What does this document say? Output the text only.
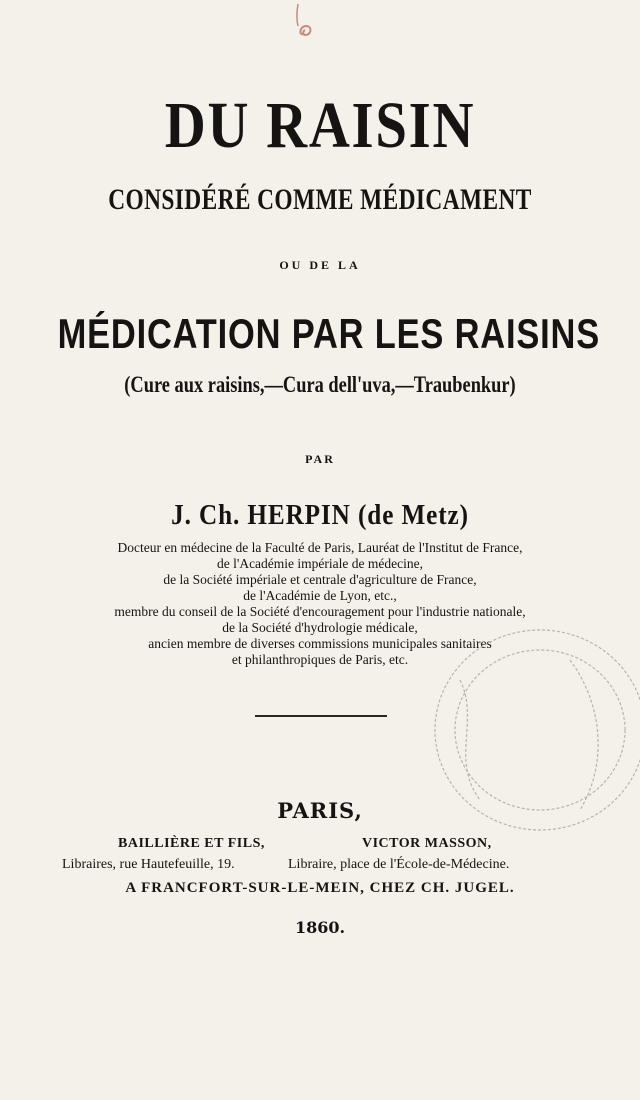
DU RAISIN
CONSIDÉRÉ COMME MÉDICAMENT
OU DE LA
MÉDICATION PAR LES RAISINS
(Cure aux raisins,—Cura dell'uva,—Traubenkur)
PAR
J. Ch. HERPIN (de Metz)
Docteur en médecine de la Faculté de Paris, Lauréat de l'Institut de France,
de l'Académie impériale de médecine,
de la Société impériale et centrale d'agriculture de France,
de l'Académie de Lyon, etc.,
membre du conseil de la Société d'encouragement pour l'industrie nationale,
de la Société d'hydrologie médicale,
ancien membre de diverses commissions municipales sanitaires
et philanthropiques de Paris, etc.
PARIS,
BAILLIÈRE ET FILS,
Libraires, rue Hautefeuille, 19.
VICTOR MASSON,
Libraire, place de l'École-de-Médecine.
A FRANCFORT-SUR-LE-MEIN, CHEZ CH. JUGEL.
1860.
